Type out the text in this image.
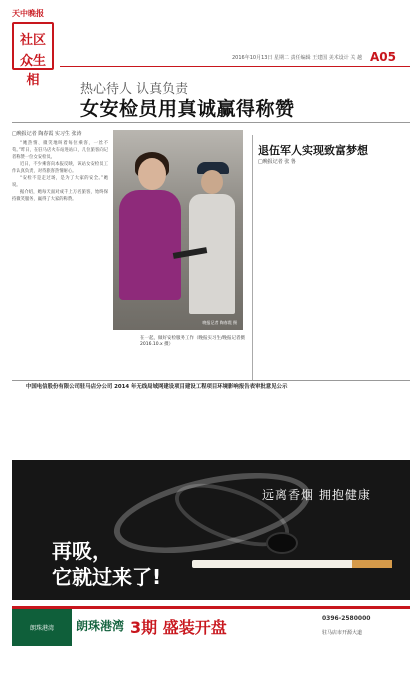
天中晚报
社区
众生相
2016年10月13日 星期二 责任编辑 王建国 美术设计 关 越 A05
热心待人 认真负责
女安检员用真诚赢得称赞
□晚报记者 陶春霞 实习生 张涛

“她热情、微笑地叫着每位乘客，一丝不苟。”昨日，在驻马店火车站进站口，几位旅客向记者称赞一位女安检员。

近日，不少乘客向本报反映，该站女安检员工作认真负责，对待旅客热情耐心。

“安检不是走过场，是为了大家的安全。”她说。

据介绍，她每天面对成千上万名旅客，始终保持微笑服务，赢得了大家的称赞。

晚报记者 陶春霞 摄
在一起，做好安检服务工作（晚报实习生/晚报记者摄 2016.10.x 摄）
退伍军人实现致富梦想
□晚报记者 张 鲁
中国电信股份有限公司驻马店分公司 2014 年无线局域网建设项目建设工程项目环境影响报告表审批意见公示
远离香烟 拥抱健康
再吸，
它就过来了!
朗珠港湾	朗珠港湾 3期 盛装开盘	0396-2580000
驻马店市开源大道
